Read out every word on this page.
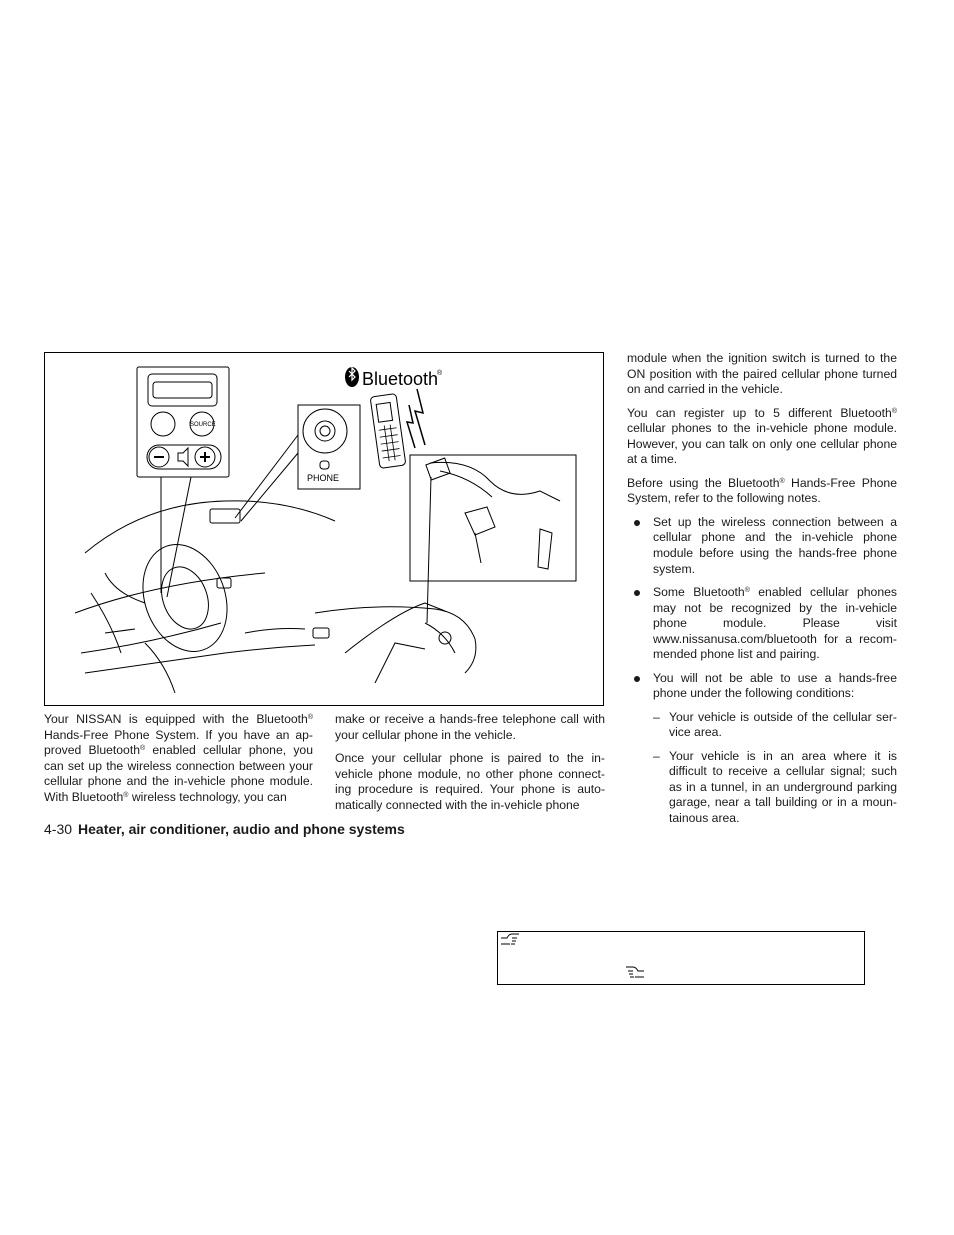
Bluetooth
®
SOURCE
PHONE

Your NISSAN is equipped with the Bluetooth® Hands-Free Phone System. If you have an ap-proved Bluetooth® enabled cellular phone, you can set up the wireless connection between your cellular phone and the in-vehicle phone module. With Bluetooth® wireless technology, you can

make or receive a hands-free telephone call with your cellular phone in the vehicle.

Once your cellular phone is paired to the in-vehicle phone module, no other phone connect-ing procedure is required. Your phone is auto-matically connected with the in-vehicle phone

module when the ignition switch is turned to the ON position with the paired cellular phone turned on and carried in the vehicle.

You can register up to 5 different Bluetooth® cellular phones to the in-vehicle phone module. However, you can talk on only one cellular phone at a time.

Before using the Bluetooth® Hands-Free Phone System, refer to the following notes.

Set up the wireless connection between a cellular phone and the in-vehicle phone module before using the hands-free phone system.
Some Bluetooth® enabled cellular phones may not be recognized by the in-vehicle phone module. Please visit www.nissanusa.com/bluetooth for a recom-mended phone list and pairing.
You will not be able to use a hands-free phone under the following conditions:
– Your vehicle is outside of the cellular ser-vice area.
– Your vehicle is in an area where it is difficult to receive a cellular signal; such as in a tunnel, in an underground parking garage, near a tall building or in a moun-tainous area.
4-30 Heater, air conditioner, audio and phone systems
